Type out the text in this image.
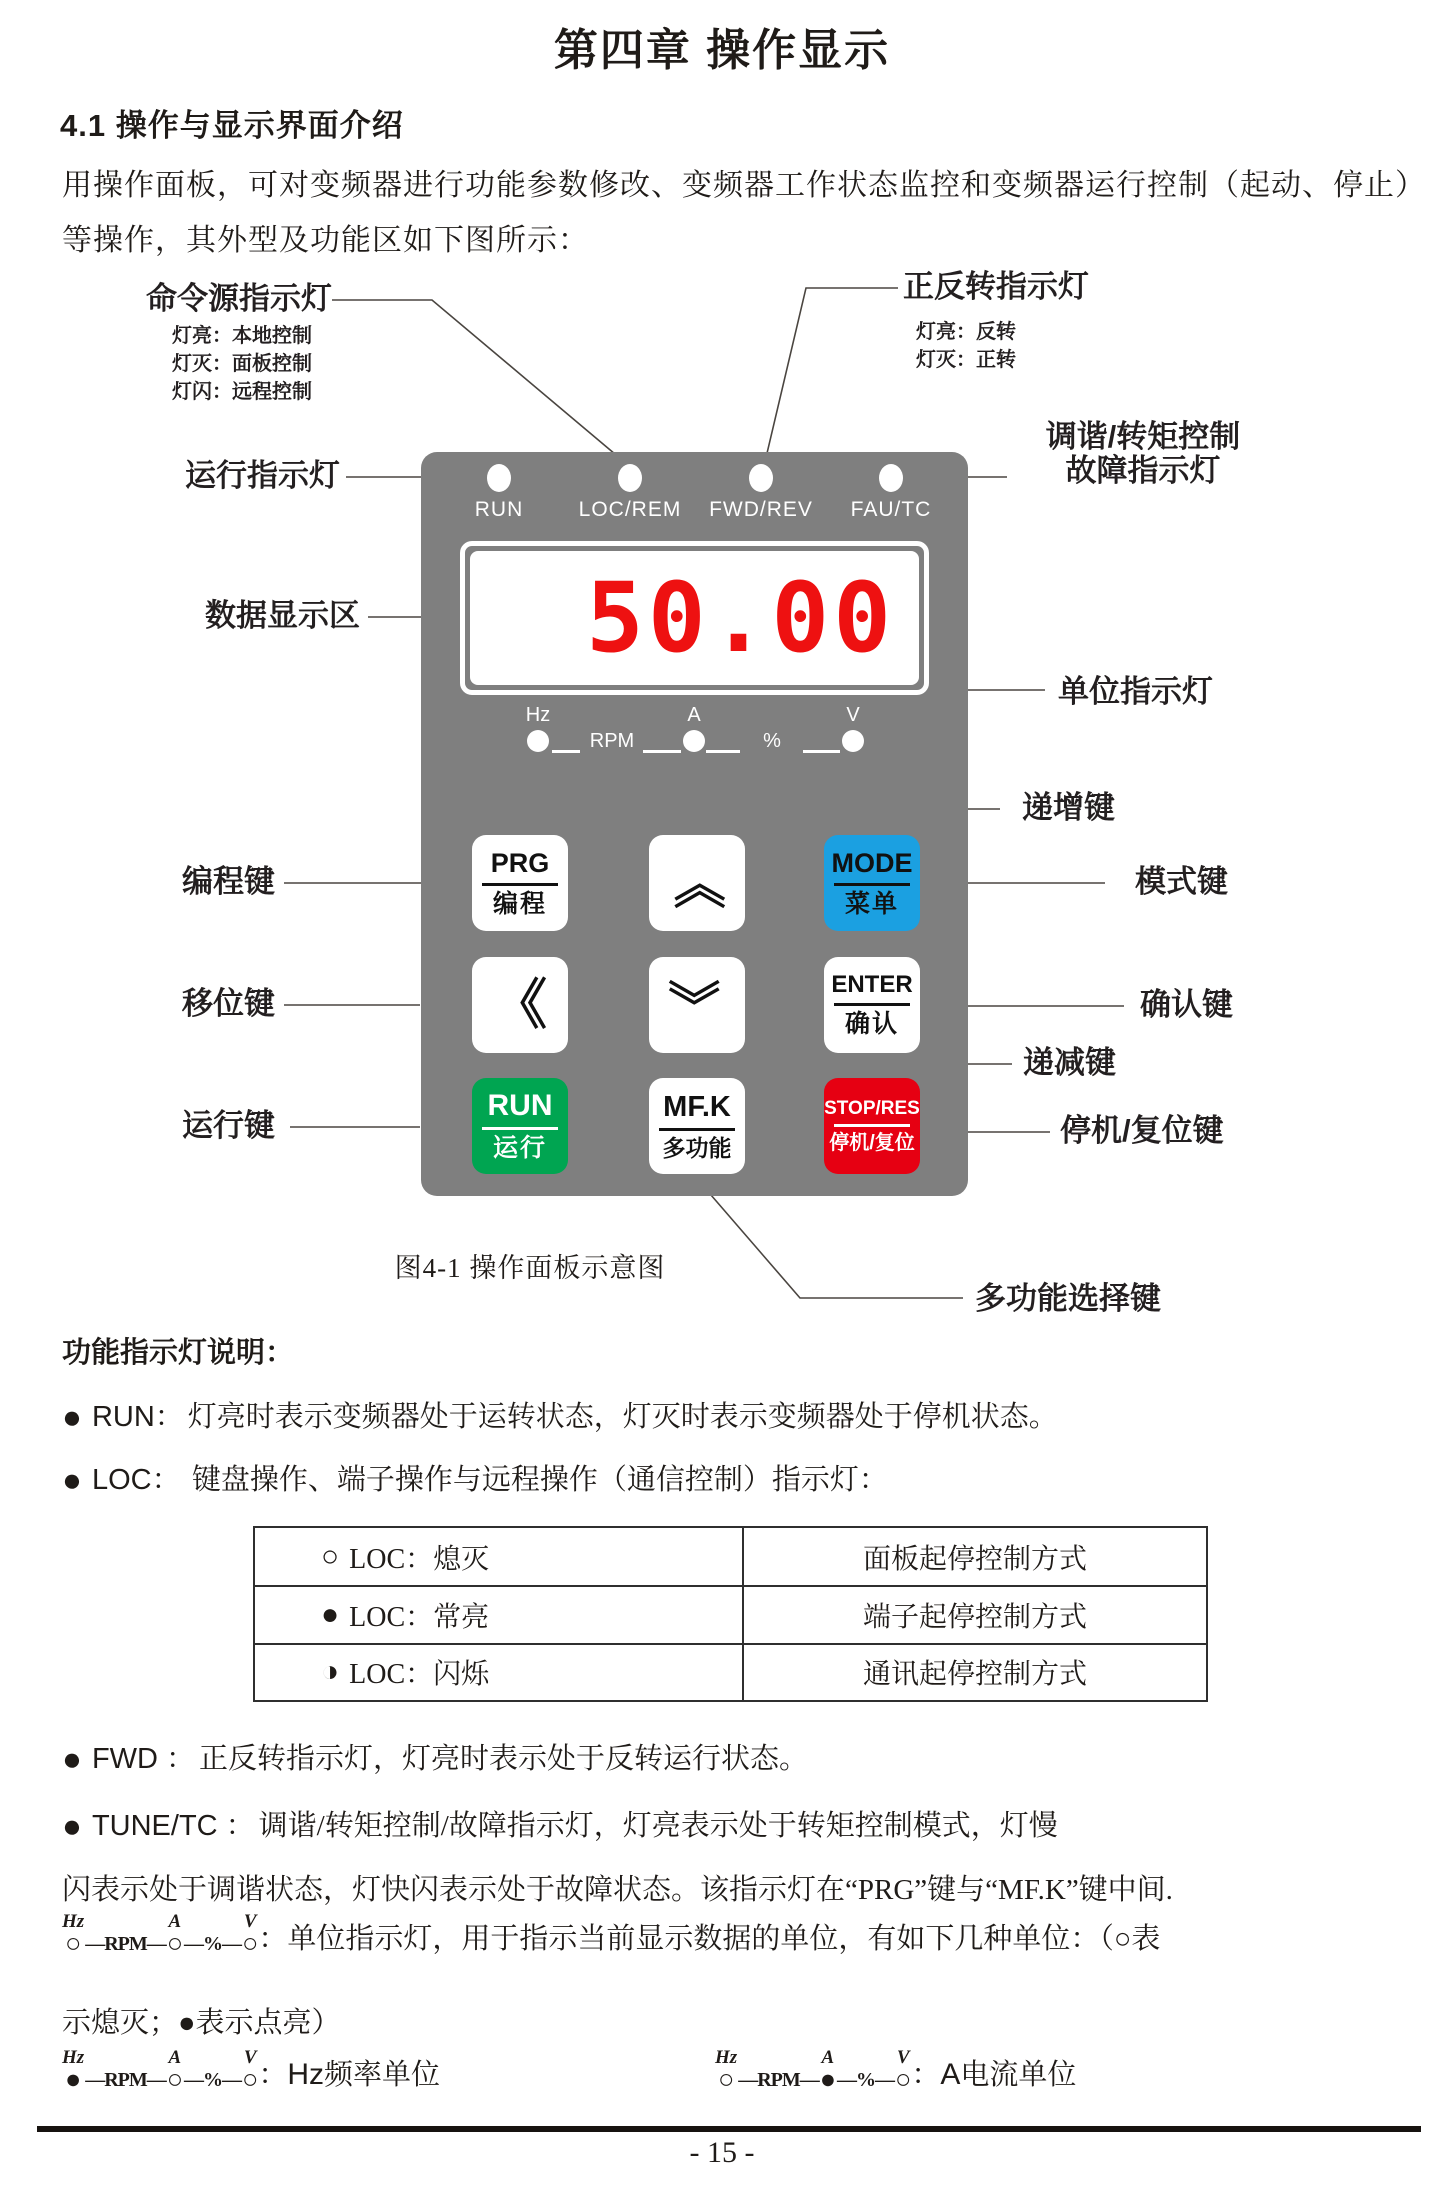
第四章 操作显示
4.1 操作与显示界面介绍
用操作面板，可对变频器进行功能参数修改、变频器工作状态监控和变频器运行控制（起动、停止）
等操作，其外型及功能区如下图所示：
命令源指示灯
灯亮：本地控制
灯灭：面板控制
灯闪：远程控制
运行指示灯
数据显示区
编程键
移位键
运行键
正反转指示灯
灯亮：反转
灯灭：正转
调谐/转矩控制
故障指示灯
单位指示灯
递增键
模式键
确认键
递减键
停机/复位键
多功能选择键
RUN	LOC/REM	FWD/REV	FAU/TC
50.00
Hz	A	V
RPM	%
PRG
编程 《	MODE
菜单
《 《	ENTER
确认
RUN
运行
MF.K
多功能
STOP/RES
停机/复位
图4-1 操作面板示意图
功能指示灯说明：
● RUN： 灯亮时表示变频器处于运转状态，灯灭时表示变频器处于停机状态。
● LOC： 键盘操作、端子操作与远程操作（通信控制）指示灯：
○ LOC：熄灭	面板起停控制方式
● LOC：常亮	端子起停控制方式
◑ LOC：闪烁	通讯起停控制方式
● FWD ： 正反转指示灯，灯亮时表示处于反转运行状态。
● TUNE/TC ： 调谐/转矩控制/故障指示灯，灯亮表示处于转矩控制模式，灯慢
闪表示处于调谐状态，灯快闪表示处于故障状态。该指示灯在“PRG”键与“MF.K”键中间.
Hz
○ —RPM—
A
○ —%—
V
○ ：单位指示灯，用于指示当前显示数据的单位，有如下几种单位：（○表
示熄灭；●表示点亮）
Hz
● —RPM—
A
○ —%—
V
○ ： Hz 频率单位
Hz
○ —RPM—
A
● —%—
V
○ ： A 电流单位
- 15 -
